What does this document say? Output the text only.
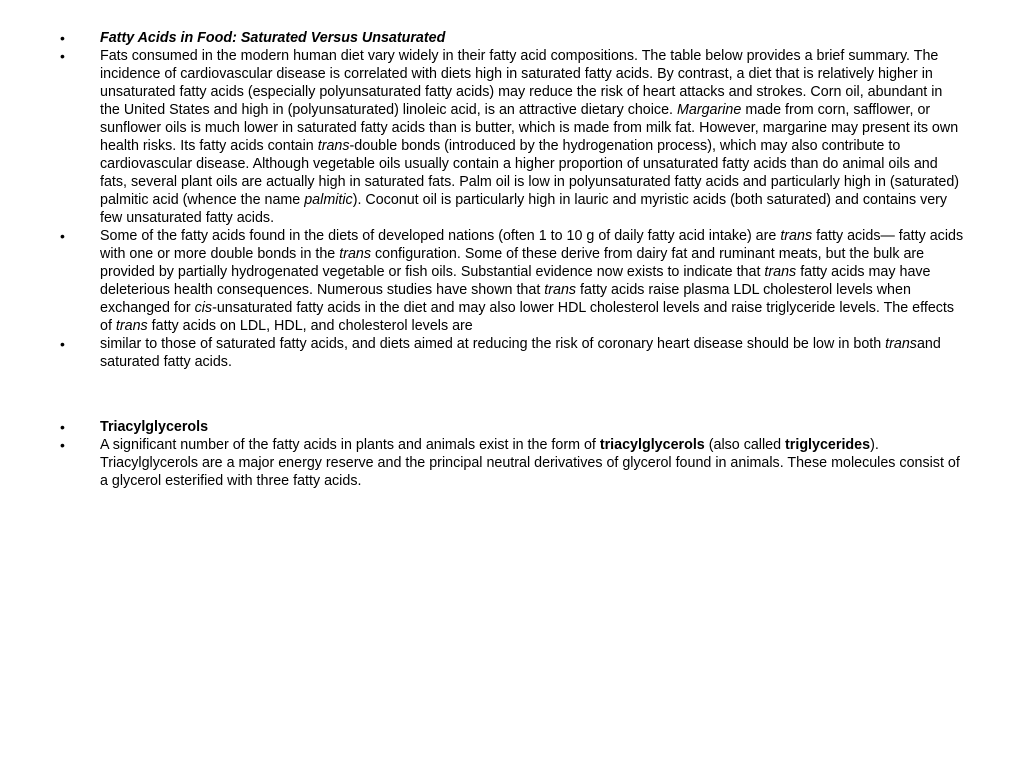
• Fatty Acids in Food: Saturated Versus Unsaturated
• Fats consumed in the modern human diet vary widely in their fatty acid compositions. The table below provides a brief summary. The incidence of cardiovascular disease is correlated with diets high in saturated fatty acids. By contrast, a diet that is relatively higher in unsaturated fatty acids (especially polyunsaturated fatty acids) may reduce the risk of heart attacks and strokes. Corn oil, abundant in the United States and high in (polyunsaturated) linoleic acid, is an attractive dietary choice. Margarine made from corn, safflower, or sunflower oils is much lower in saturated fatty acids than is butter, which is made from milk fat. However, margarine may present its own health risks. Its fatty acids contain trans-double bonds (introduced by the hydrogenation process), which may also contribute to cardiovascular disease. Although vegetable oils usually contain a higher proportion of unsaturated fatty acids than do animal oils and fats, several plant oils are actually high in saturated fats. Palm oil is low in polyunsaturated fatty acids and particularly high in (saturated) palmitic acid (whence the name palmitic). Coconut oil is particularly high in lauric and myristic acids (both saturated) and contains very few unsaturated fatty acids.
• Some of the fatty acids found in the diets of developed nations (often 1 to 10 g of daily fatty acid intake) are trans fatty acids— fatty acids with one or more double bonds in the trans configuration. Some of these derive from dairy fat and ruminant meats, but the bulk are provided by partially hydrogenated vegetable or fish oils. Substantial evidence now exists to indicate that trans fatty acids may have deleterious health consequences. Numerous studies have shown that trans fatty acids raise plasma LDL cholesterol levels when exchanged for cis-unsaturated fatty acids in the diet and may also lower HDL cholesterol levels and raise triglyceride levels. The effects of trans fatty acids on LDL, HDL, and cholesterol levels are
• similar to those of saturated fatty acids, and diets aimed at reducing the risk of coronary heart disease should be low in both transand saturated fatty acids.
• Triacylglycerols
• A significant number of the fatty acids in plants and animals exist in the form of triacylglycerols (also called triglycerides). Triacylglycerols are a major energy reserve and the principal neutral derivatives of glycerol found in animals. These molecules consist of a glycerol esterified with three fatty acids.
